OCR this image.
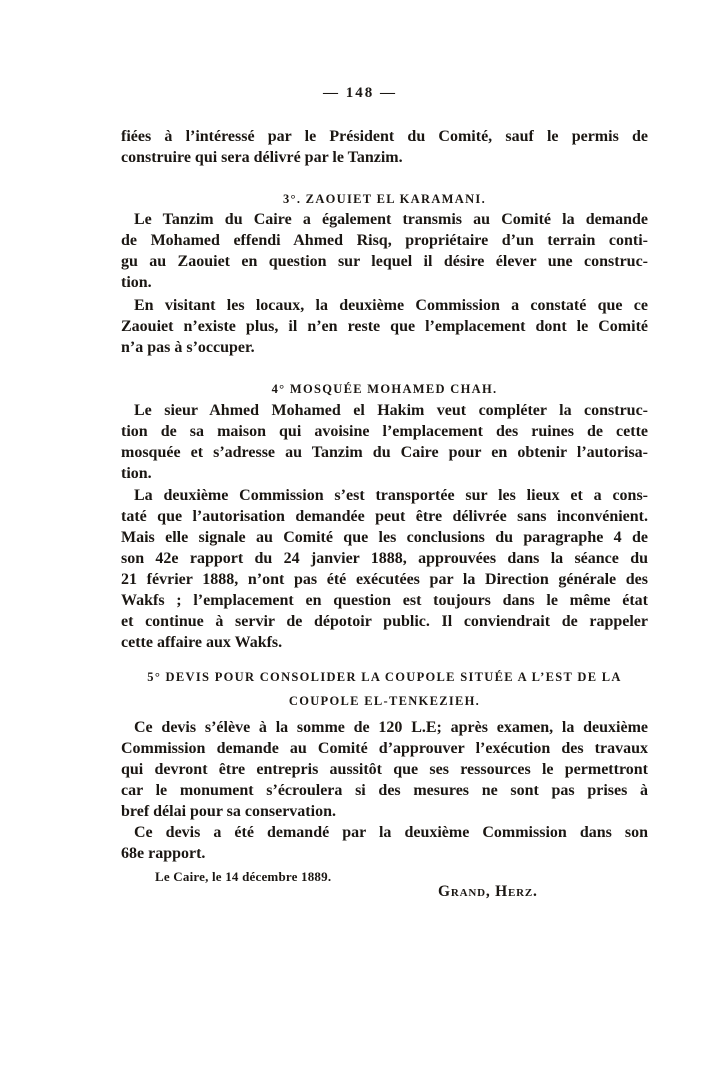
— 148 —
fiées à l’intéressé par le Président du Comité, sauf le permis de
construire qui sera délivré par le Tanzim.
3°. ZAOUIET EL KARAMANI.
Le Tanzim du Caire a également transmis au Comité la demande
de Mohamed effendi Ahmed Risq, propriétaire d’un terrain conti-
gu au Zaouiet en question sur lequel il désire élever une construc-
tion.
En visitant les locaux, la deuxième Commission a constaté que ce
Zaouiet n’existe plus, il n’en reste que l’emplacement dont le Comité
n’a pas à s’occuper.
4° MOSQUÉE MOHAMED CHAH.
Le sieur Ahmed Mohamed el Hakim veut compléter la construc-
tion de sa maison qui avoisine l’emplacement des ruines de cette
mosquée et s’adresse au Tanzim du Caire pour en obtenir l’autorisa-
tion.
La deuxième Commission s’est transportée sur les lieux et a cons-
taté que l’autorisation demandée peut être délivrée sans inconvénient.
Mais elle signale au Comité que les conclusions du paragraphe 4 de
son 42e rapport du 24 janvier 1888, approuvées dans la séance du
21 février 1888, n’ont pas été exécutées par la Direction générale des
Wakfs ; l’emplacement en question est toujours dans le même état
et continue à servir de dépotoir public. Il conviendrait de rappeler
cette affaire aux Wakfs.
5° DEVIS POUR CONSOLIDER LA COUPOLE SITUÉE A L’EST DE LA
COUPOLE EL-TENKEZIEH.
Ce devis s’élève à la somme de 120 L.E; après examen, la deuxième
Commission demande au Comité d’approuver l’exécution des travaux
qui devront être entrepris aussitôt que ses ressources le permettront
car le monument s’écroulera si des mesures ne sont pas prises à
bref délai pour sa conservation.
Ce devis a été demandé par la deuxième Commission dans son
68e rapport.
Le Caire, le 14 décembre 1889.
Grand, Herz.
